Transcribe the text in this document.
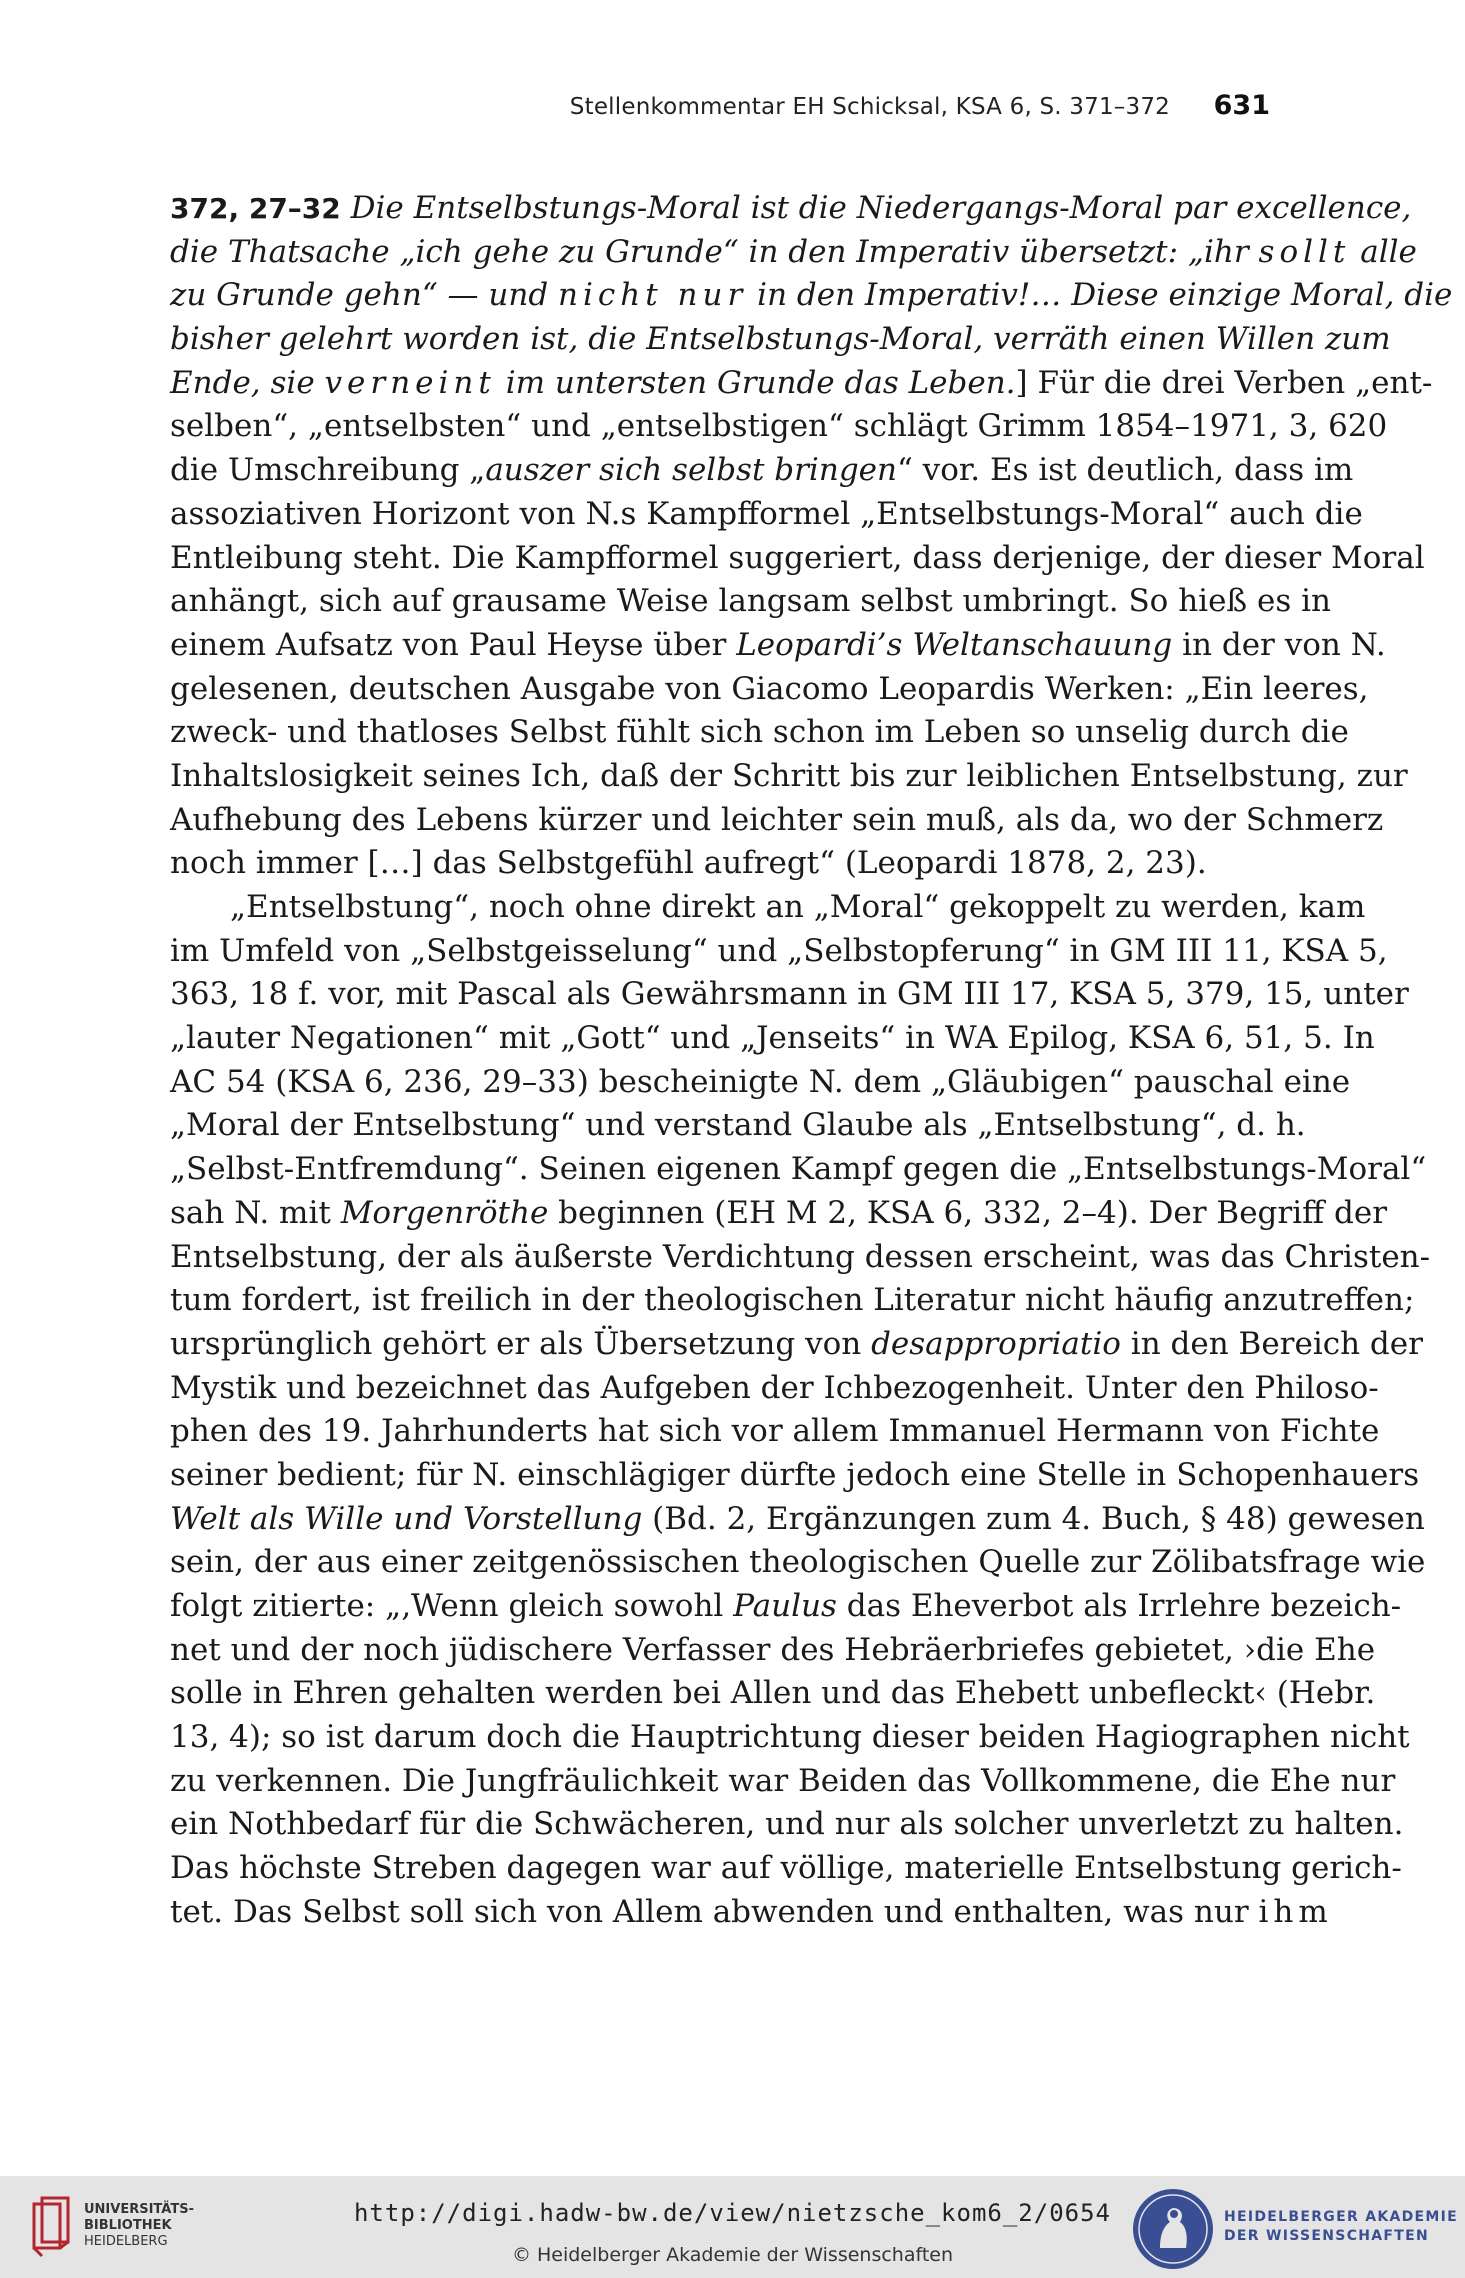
Stellenkommentar EH Schicksal, KSA 6, S. 371–372 631
372, 27–32 Die Entselbstungs-Moral ist die Niedergangs-Moral par excellence,
die Thatsache „ich gehe zu Grunde“ in den Imperativ übersetzt: „ihr sollt alle
zu Grunde gehn“ — und nicht nur in den Imperativ!… Diese einzige Moral, die
bisher gelehrt worden ist, die Entselbstungs-Moral, verräth einen Willen zum
Ende, sie verneint im untersten Grunde das Leben.] Für die drei Verben „ent-
selben“, „entselbsten“ und „entselbstigen“ schlägt Grimm 1854–1971, 3, 620
die Umschreibung „auszer sich selbst bringen“ vor. Es ist deutlich, dass im
assoziativen Horizont von N.s Kampfformel „Entselbstungs-Moral“ auch die
Entleibung steht. Die Kampfformel suggeriert, dass derjenige, der dieser Moral
anhängt, sich auf grausame Weise langsam selbst umbringt. So hieß es in
einem Aufsatz von Paul Heyse über Leopardi’s Weltanschauung in der von N.
gelesenen, deutschen Ausgabe von Giacomo Leopardis Werken: „Ein leeres,
zweck- und thatloses Selbst fühlt sich schon im Leben so unselig durch die
Inhaltslosigkeit seines Ich, daß der Schritt bis zur leiblichen Entselbstung, zur
Aufhebung des Lebens kürzer und leichter sein muß, als da, wo der Schmerz
noch immer […] das Selbstgefühl aufregt“ (Leopardi 1878, 2, 23).
„Entselbstung“, noch ohne direkt an „Moral“ gekoppelt zu werden, kam
im Umfeld von „Selbstgeisselung“ und „Selbstopferung“ in GM III 11, KSA 5,
363, 18 f. vor, mit Pascal als Gewährsmann in GM III 17, KSA 5, 379, 15, unter
„lauter Negationen“ mit „Gott“ und „Jenseits“ in WA Epilog, KSA 6, 51, 5. In
AC 54 (KSA 6, 236, 29–33) bescheinigte N. dem „Gläubigen“ pauschal eine
„Moral der Entselbstung“ und verstand Glaube als „Entselbstung“, d. h.
„Selbst-Entfremdung“. Seinen eigenen Kampf gegen die „Entselbstungs-Moral“
sah N. mit Morgenröthe beginnen (EH M 2, KSA 6, 332, 2–4). Der Begriff der
Entselbstung, der als äußerste Verdichtung dessen erscheint, was das Christen-
tum fordert, ist freilich in der theologischen Literatur nicht häufig anzutreffen;
ursprünglich gehört er als Übersetzung von desappropriatio in den Bereich der
Mystik und bezeichnet das Aufgeben der Ichbezogenheit. Unter den Philoso-
phen des 19. Jahrhunderts hat sich vor allem Immanuel Hermann von Fichte
seiner bedient; für N. einschlägiger dürfte jedoch eine Stelle in Schopenhauers
Welt als Wille und Vorstellung (Bd. 2, Ergänzungen zum 4. Buch, § 48) gewesen
sein, der aus einer zeitgenössischen theologischen Quelle zur Zölibatsfrage wie
folgt zitierte: „‚Wenn gleich sowohl Paulus das Eheverbot als Irrlehre bezeich-
net und der noch jüdischere Verfasser des Hebräerbriefes gebietet, ›die Ehe
solle in Ehren gehalten werden bei Allen und das Ehebett unbefleckt‹ (Hebr.
13, 4); so ist darum doch die Hauptrichtung dieser beiden Hagiographen nicht
zu verkennen. Die Jungfräulichkeit war Beiden das Vollkommene, die Ehe nur
ein Nothbedarf für die Schwächeren, und nur als solcher unverletzt zu halten.
Das höchste Streben dagegen war auf völlige, materielle Entselbstung gerich-
tet. Das Selbst soll sich von Allem abwenden und enthalten, was nur ihm
UNIVERSITÄTS-
BIBLIOTHEK
HEIDELBERG
http://digi.hadw-bw.de/view/nietzsche_kom6_2/0654
© Heidelberger Akademie der Wissenschaften
HEIDELBERGER AKADEMIE
DER WISSENSCHAFTEN
